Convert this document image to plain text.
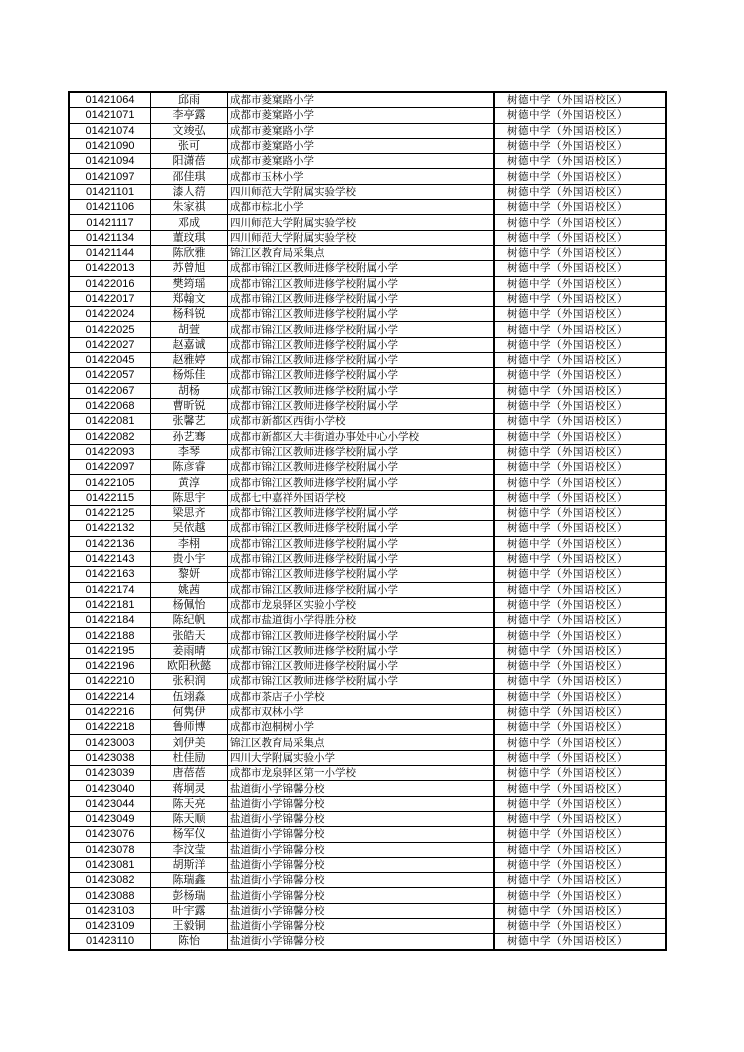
01421064	邱雨	成都市菱窠路小学		树德中学（外国语校区）
01421071	李亭露	成都市菱窠路小学		树德中学（外国语校区）
01421074	文竣弘	成都市菱窠路小学		树德中学（外国语校区）
01421090	张可	成都市菱窠路小学		树德中学（外国语校区）
01421094	阳潇蓓	成都市菱窠路小学		树德中学（外国语校区）
01421097	邵佳琪	成都市玉林小学		树德中学（外国语校区）
01421101	漆人葕	四川师范大学附属实验学校		树德中学（外国语校区）
01421106	朱家祺	成都市棕北小学		树德中学（外国语校区）
01421117	邓成	四川师范大学附属实验学校		树德中学（外国语校区）
01421134	董玟琪	四川师范大学附属实验学校		树德中学（外国语校区）
01421144	陈欣雅	锦江区教育局采集点		树德中学（外国语校区）
01422013	苏曾旭	成都市锦江区教师进修学校附属小学		树德中学（外国语校区）
01422016	樊筠瑶	成都市锦江区教师进修学校附属小学		树德中学（外国语校区）
01422017	郑翰文	成都市锦江区教师进修学校附属小学		树德中学（外国语校区）
01422024	杨科锐	成都市锦江区教师进修学校附属小学		树德中学（外国语校区）
01422025	胡萱	成都市锦江区教师进修学校附属小学		树德中学（外国语校区）
01422027	赵嘉诚	成都市锦江区教师进修学校附属小学		树德中学（外国语校区）
01422045	赵雅婷	成都市锦江区教师进修学校附属小学		树德中学（外国语校区）
01422057	杨烁佳	成都市锦江区教师进修学校附属小学		树德中学（外国语校区）
01422067	胡杨	成都市锦江区教师进修学校附属小学		树德中学（外国语校区）
01422068	曹昕锐	成都市锦江区教师进修学校附属小学		树德中学（外国语校区）
01422081	张馨艺	成都市新都区西街小学校		树德中学（外国语校区）
01422082	孙艺骞	成都市新都区大丰街道办事处中心小学校		树德中学（外国语校区）
01422093	李琴	成都市锦江区教师进修学校附属小学		树德中学（外国语校区）
01422097	陈彦睿	成都市锦江区教师进修学校附属小学		树德中学（外国语校区）
01422105	黄淳	成都市锦江区教师进修学校附属小学		树德中学（外国语校区）
01422115	陈思宇	成都七中嘉祥外国语学校		树德中学（外国语校区）
01422125	梁思齐	成都市锦江区教师进修学校附属小学		树德中学（外国语校区）
01422132	吴依越	成都市锦江区教师进修学校附属小学		树德中学（外国语校区）
01422136	李栩	成都市锦江区教师进修学校附属小学		树德中学（外国语校区）
01422143	贵小宇	成都市锦江区教师进修学校附属小学		树德中学（外国语校区）
01422163	黎妍	成都市锦江区教师进修学校附属小学		树德中学（外国语校区）
01422174	姚茜	成都市锦江区教师进修学校附属小学		树德中学（外国语校区）
01422181	杨佩怡	成都市龙泉驿区实验小学校		树德中学（外国语校区）
01422184	陈纪帆	成都市盐道街小学得胜分校		树德中学（外国语校区）
01422188	张皓天	成都市锦江区教师进修学校附属小学		树德中学（外国语校区）
01422195	姜雨晴	成都市锦江区教师进修学校附属小学		树德中学（外国语校区）
01422196	欧阳秋懿	成都市锦江区教师进修学校附属小学		树德中学（外国语校区）
01422210	张积润	成都市锦江区教师进修学校附属小学		树德中学（外国语校区）
01422214	伍翊淼	成都市茶店子小学校		树德中学（外国语校区）
01422216	何隽伊	成都市双林小学		树德中学（外国语校区）
01422218	鲁师博	成都市泡桐树小学		树德中学（外国语校区）
01423003	刘伊美	锦江区教育局采集点		树德中学（外国语校区）
01423038	杜佳励	四川大学附属实验小学		树德中学（外国语校区）
01423039	唐蓓蓓	成都市龙泉驿区第一小学校		树德中学（外国语校区）
01423040	蒋垌灵	盐道街小学锦馨分校		树德中学（外国语校区）
01423044	陈天亮	盐道街小学锦馨分校		树德中学（外国语校区）
01423049	陈天顺	盐道街小学锦馨分校		树德中学（外国语校区）
01423076	杨军仪	盐道街小学锦馨分校		树德中学（外国语校区）
01423078	李汶莹	盐道街小学锦馨分校		树德中学（外国语校区）
01423081	胡斯洋	盐道街小学锦馨分校		树德中学（外国语校区）
01423082	陈瑞鑫	盐道街小学锦馨分校		树德中学（外国语校区）
01423088	彭杨瑞	盐道街小学锦馨分校		树德中学（外国语校区）
01423103	叶宇露	盐道街小学锦馨分校		树德中学（外国语校区）
01423109	王毅铜	盐道街小学锦馨分校		树德中学（外国语校区）
01423110	陈怡	盐道街小学锦馨分校		树德中学（外国语校区）
